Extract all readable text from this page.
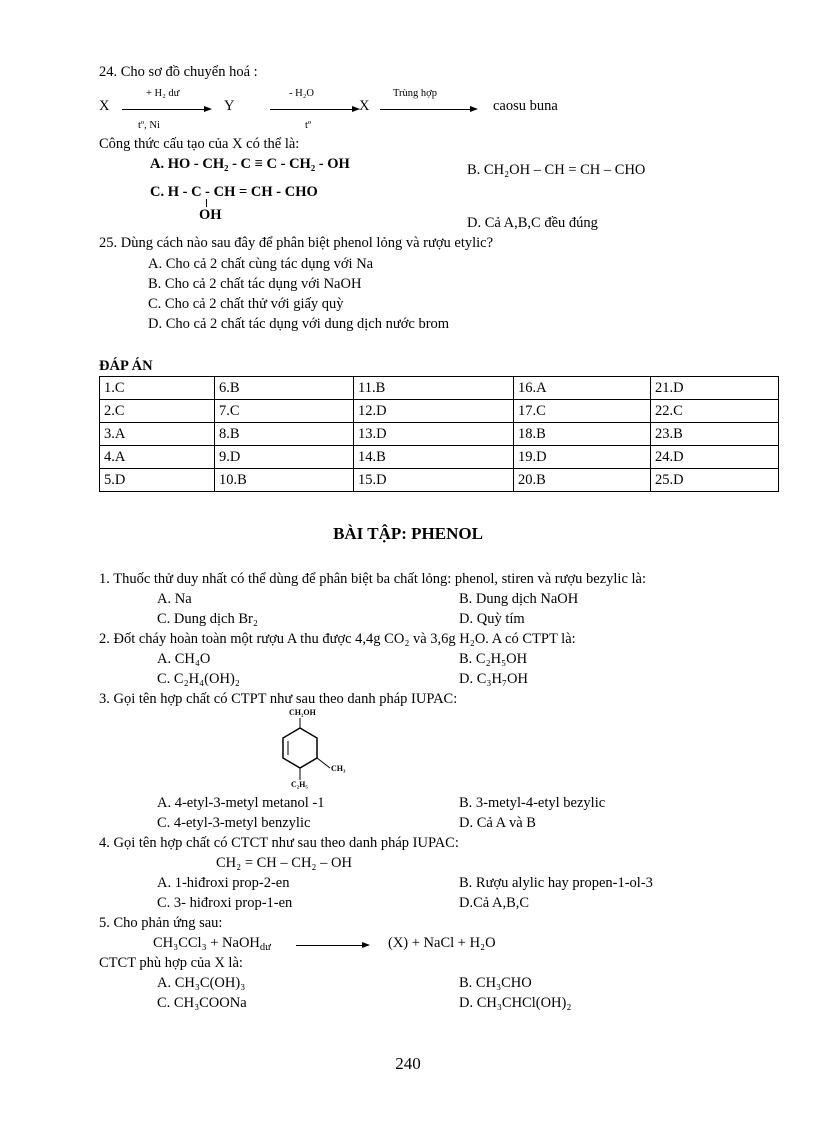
24. Cho sơ đồ chuyển hoá :
+ H₂ dư
X
tº, Ni
Y
- H₂O
tº
X
Trùng hợp
caosu buna
Công thức cấu tạo của X có thể là:
A. HO - CH₂ - C ≡ C - CH₂ - OH	B. CH₂OH – CH = CH – CHO
C. H - C - CH = CH - CHO
OH	D. Cả A,B,C đều đúng
25. Dùng cách nào sau đây để phân biệt phenol lỏng và rượu etylic?
A. Cho cả 2 chất cùng tác dụng với Na
B. Cho cả 2 chất tác dụng với NaOH
C. Cho cả 2 chất thử với giấy quỳ
D. Cho cả 2 chất tác dụng với dung dịch nước brom
ĐÁP ÁN
1.C	6.B	11.B	16.A	21.D
2.C	7.C	12.D	17.C	22.C
3.A	8.B	13.D	18.B	23.B
4.A	9.D	14.B	19.D	24.D
5.D	10.B	15.D	20.B	25.D
BÀI TẬP: PHENOL
1. Thuốc thử duy nhất có thể dùng để phân biệt ba chất lỏng: phenol, stiren và rượu bezylic là:
A. Na	B. Dung dịch NaOH
C. Dung dịch Br₂	D. Quỳ tím
2. Đốt cháy hoàn toàn một rượu A thu được 4,4g CO₂ và 3,6g H₂O. A có CTPT là:
A. CH₄O	B. C₂H₅OH
C. C₂H₄(OH)₂	D. C₃H₇OH
3. Gọi tên hợp chất có CTPT như sau theo danh pháp IUPAC:
CH₂OH
CH₃
C₂H₅
A. 4-etyl-3-metyl metanol -1	B. 3-metyl-4-etyl bezylic
C. 4-etyl-3-metyl benzylic	D. Cả A và B
4. Gọi tên hợp chất có CTCT như sau theo danh pháp IUPAC:
CH₂ = CH – CH₂ – OH
A. 1-hiđroxi prop-2-en	B. Rượu alylic hay propen-1-ol-3
C. 3- hiđroxi prop-1-en	D.Cả A,B,C
5. Cho phản ứng sau:
CH₃CCl₃ + NaOH$_{dư}$	(X) + NaCl + H₂O
CTCT phù hợp của X là:
A. CH₃C(OH)₃	B. CH₃CHO
C. CH₃COONa	D. CH₃CHCl(OH)₂
240
